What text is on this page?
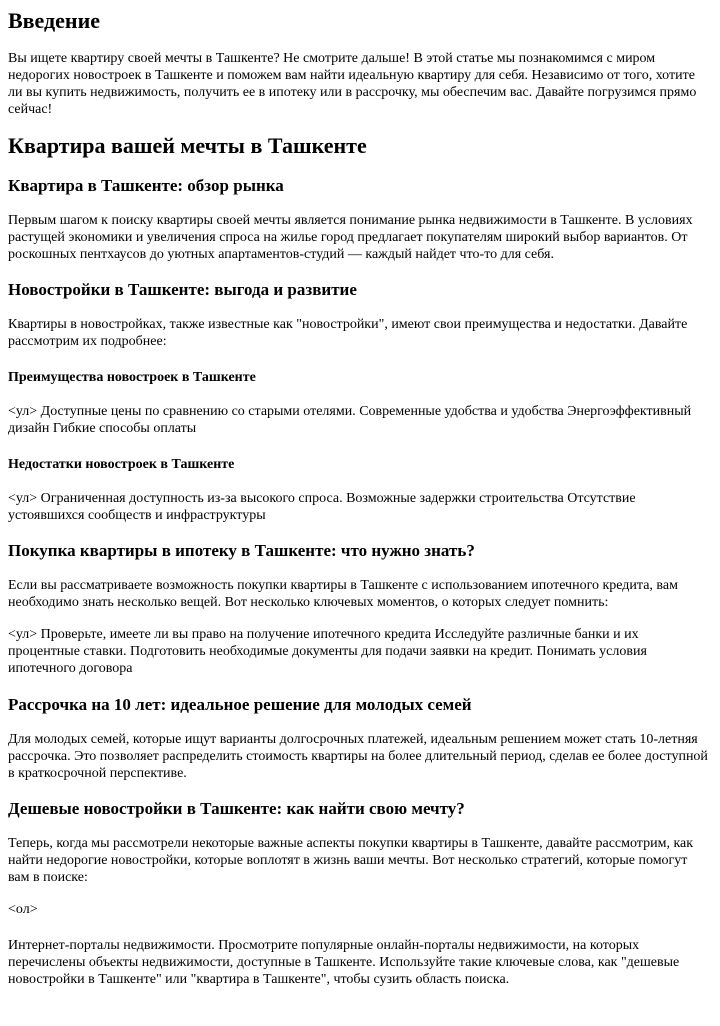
Введение

Вы ищете квартиру своей мечты в Ташкенте? Не смотрите дальше! В этой статье мы познакомимся с миром недорогих новостроек в Ташкенте и поможем вам найти идеальную квартиру для себя. Независимо от того, хотите ли вы купить недвижимость, получить ее в ипотеку или в рассрочку, мы обеспечим вас. Давайте погрузимся прямо сейчас!

Квартира вашей мечты в Ташкенте
Квартира в Ташкенте: обзор рынка

Первым шагом к поиску квартиры своей мечты является понимание рынка недвижимости в Ташкенте. В условиях растущей экономики и увеличения спроса на жилье город предлагает покупателям широкий выбор вариантов. От роскошных пентхаусов до уютных апартаментов-студий — каждый найдет что-то для себя.

Новостройки в Ташкенте: выгода и развитие

Квартиры в новостройках, также известные как "новостройки", имеют свои преимущества и недостатки. Давайте рассмотрим их подробнее:

Преимущества новостроек в Ташкенте

<ул> Доступные цены по сравнению со старыми отелями. Современные удобства и удобства Энергоэффективный дизайн Гибкие способы оплаты

Недостатки новостроек в Ташкенте

<ул> Ограниченная доступность из-за высокого спроса. Возможные задержки строительства Отсутствие устоявшихся сообществ и инфраструктуры

Покупка квартиры в ипотеку в Ташкенте: что нужно знать?

Если вы рассматриваете возможность покупки квартиры в Ташкенте с использованием ипотечного кредита, вам необходимо знать несколько вещей. Вот несколько ключевых моментов, о которых следует помнить:

<ул> Проверьте, имеете ли вы право на получение ипотечного кредита Исследуйте различные банки и их процентные ставки. Подготовить необходимые документы для подачи заявки на кредит. Понимать условия ипотечного договора

Рассрочка на 10 лет: идеальное решение для молодых семей

Для молодых семей, которые ищут варианты долгосрочных платежей, идеальным решением может стать 10-летняя рассрочка. Это позволяет распределить стоимость квартиры на более длительный период, сделав ее более доступной в краткосрочной перспективе.

Дешевые новостройки в Ташкенте: как найти свою мечту?

Теперь, когда мы рассмотрели некоторые важные аспекты покупки квартиры в Ташкенте, давайте рассмотрим, как найти недорогие новостройки, которые воплотят в жизнь ваши мечты. Вот несколько стратегий, которые помогут вам в поиске:

<ол>

Интернет-порталы недвижимости. Просмотрите популярные онлайн-порталы недвижимости, на которых перечислены объекты недвижимости, доступные в Ташкенте. Используйте такие ключевые слова, как "дешевые новостройки в Ташкенте" или "квартира в Ташкенте", чтобы сузить область поиска.
